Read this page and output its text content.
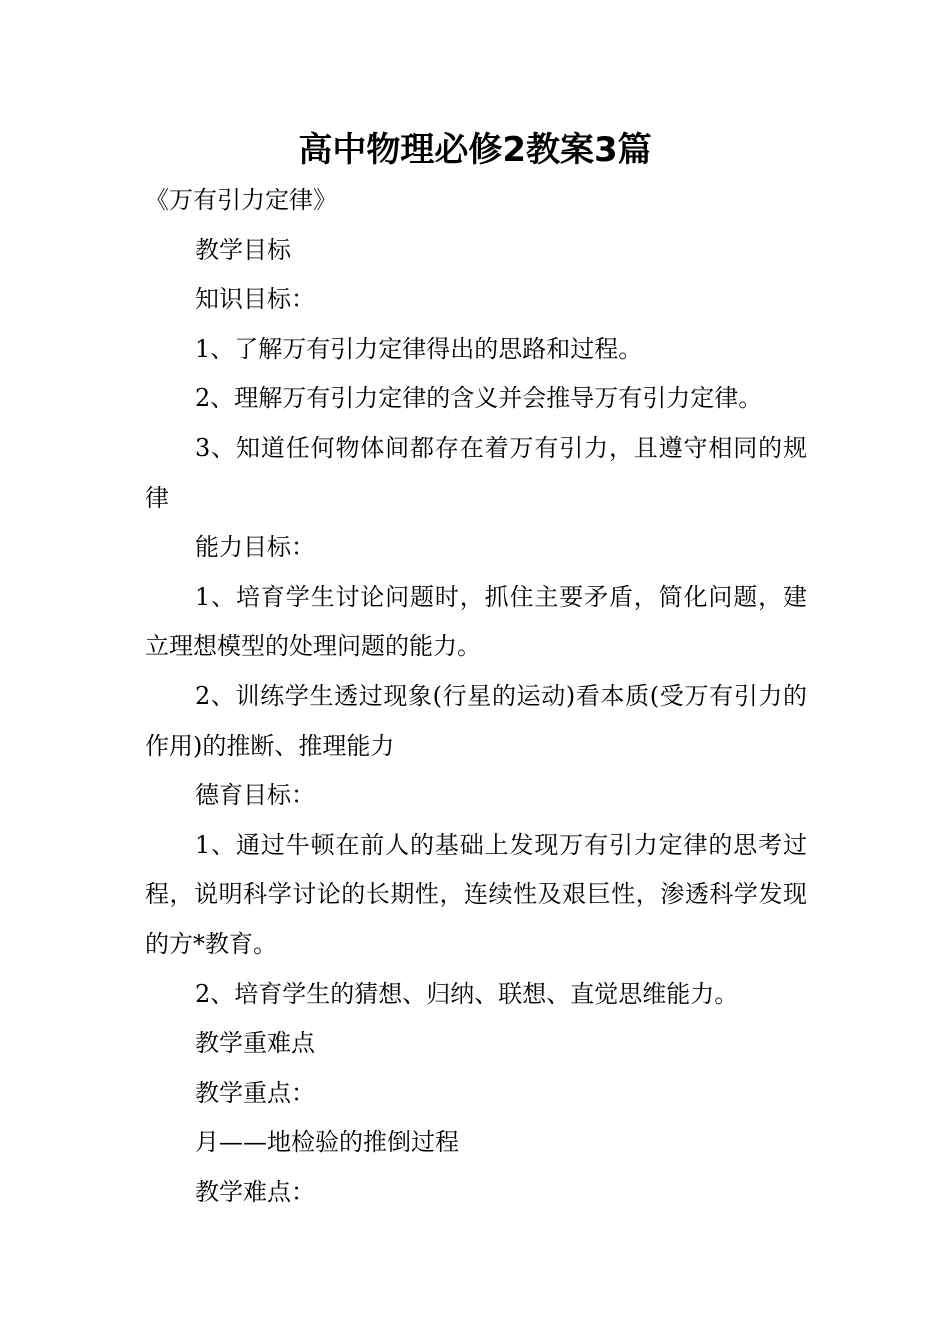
高中物理必修2教案3篇

《万有引力定律》

教学目标

知识目标：

1、了解万有引力定律得出的思路和过程。

2、理解万有引力定律的含义并会推导万有引力定律。

3、知道任何物体间都存在着万有引力，且遵守相同的规律

能力目标：

1、培育学生讨论问题时，抓住主要矛盾，简化问题，建立理想模型的处理问题的能力。

2、训练学生透过现象(行星的运动)看本质(受万有引力的作用)的推断、推理能力

德育目标：

1、通过牛顿在前人的基础上发现万有引力定律的思考过程，说明科学讨论的长期性，连续性及艰巨性，渗透科学发现的方*教育。

2、培育学生的猜想、归纳、联想、直觉思维能力。

教学重难点

教学重点：

月——地检验的推倒过程

教学难点：
